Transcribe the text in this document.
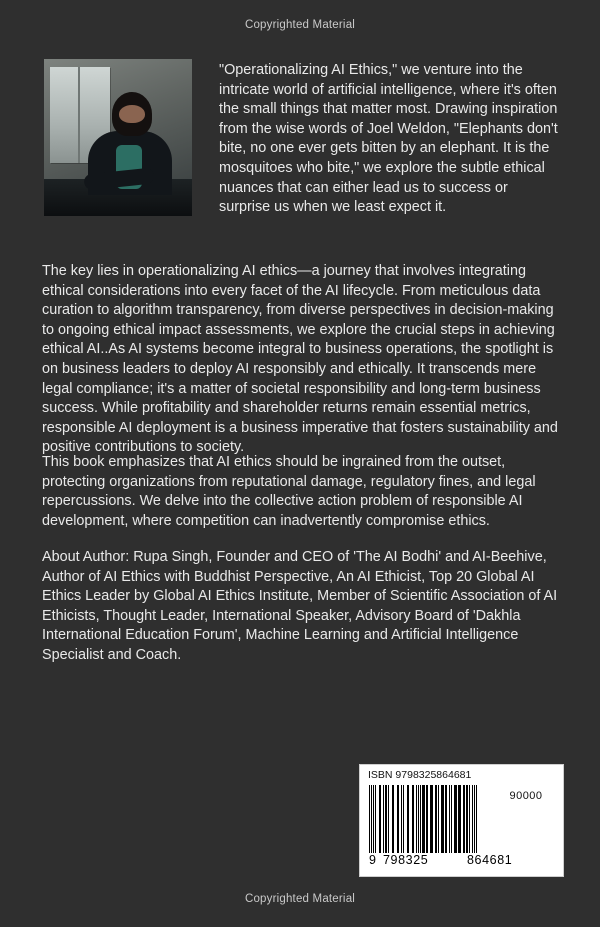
Copyrighted Material
"Operationalizing AI Ethics," we venture into the intricate world of artificial intelligence, where it's often the small things that matter most. Drawing inspiration from the wise words of Joel Weldon, "Elephants don't bite, no one ever gets bitten by an elephant. It is the mosquitoes who bite," we explore the subtle ethical nuances that can either lead us to success or surprise us when we least expect it.
The key lies in operationalizing AI ethics—a journey that involves integrating ethical considerations into every facet of the AI lifecycle. From meticulous data curation to algorithm transparency, from diverse perspectives in decision-making to ongoing ethical impact assessments, we explore the crucial steps in achieving ethical AI..As AI systems become integral to business operations, the spotlight is on business leaders to deploy AI responsibly and ethically. It transcends mere legal compliance; it's a matter of societal responsibility and long-term business success. While profitability and shareholder returns remain essential metrics, responsible AI deployment is a business imperative that fosters sustainability and positive contributions to society.
This book emphasizes that AI ethics should be ingrained from the outset, protecting organizations from reputational damage, regulatory fines, and legal repercussions. We delve into the collective action problem of responsible AI development, where competition can inadvertently compromise ethics.
About Author: Rupa Singh, Founder and CEO of 'The AI Bodhi' and AI-Beehive, Author of AI Ethics with Buddhist Perspective, An AI Ethicist, Top 20 Global AI Ethics Leader by Global AI Ethics Institute, Member of Scientific Association of AI Ethicists, Thought Leader, International Speaker, Advisory Board of 'Dakhla International Education Forum', Machine Learning and Artificial Intelligence Specialist and Coach.
ISBN 9798325864681
90000
9 798325	864681
Copyrighted Material
